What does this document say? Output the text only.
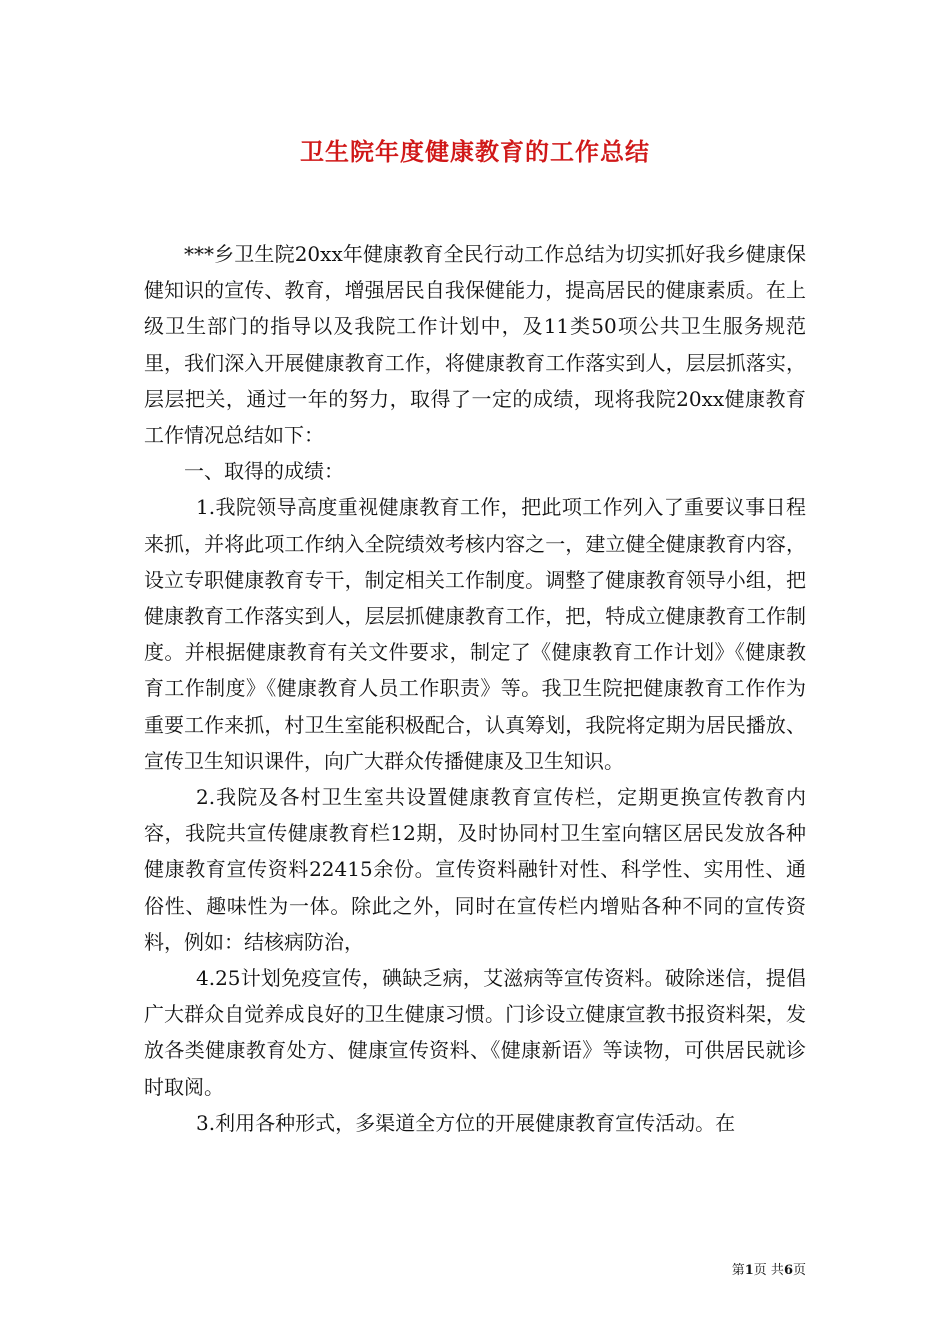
卫生院年度健康教育的工作总结

***乡卫生院20xx年健康教育全民行动工作总结为切实抓好我乡健康保健知识的宣传、教育，增强居民自我保健能力，提高居民的健康素质。在上级卫生部门的指导以及我院工作计划中，及11类50项公共卫生服务规范里，我们深入开展健康教育工作，将健康教育工作落实到人，层层抓落实，层层把关，通过一年的努力，取得了一定的成绩，现将我院20xx健康教育工作情况总结如下：

一、取得的成绩：

1.我院领导高度重视健康教育工作，把此项工作列入了重要议事日程来抓，并将此项工作纳入全院绩效考核内容之一，建立健全健康教育内容，设立专职健康教育专干，制定相关工作制度。调整了健康教育领导小组，把健康教育工作落实到人，层层抓健康教育工作，把，特成立健康教育工作制度。并根据健康教育有关文件要求，制定了《健康教育工作计划》《健康教育工作制度》《健康教育人员工作职责》等。我卫生院把健康教育工作作为重要工作来抓，村卫生室能积极配合，认真筹划，我院将定期为居民播放、宣传卫生知识课件，向广大群众传播健康及卫生知识。

2.我院及各村卫生室共设置健康教育宣传栏，定期更换宣传教育内容，我院共宣传健康教育栏12期，及时协同村卫生室向辖区居民发放各种健康教育宣传资料22415余份。宣传资料融针对性、科学性、实用性、通俗性、趣味性为一体。除此之外，同时在宣传栏内增贴各种不同的宣传资料，例如：结核病防治，

4.25计划免疫宣传，碘缺乏病，艾滋病等宣传资料。破除迷信，提倡广大群众自觉养成良好的卫生健康习惯。门诊设立健康宣教书报资料架，发放各类健康教育处方、健康宣传资料、《健康新语》等读物，可供居民就诊时取阅。

3.利用各种形式，多渠道全方位的开展健康教育宣传活动。在

第1页 共6页
